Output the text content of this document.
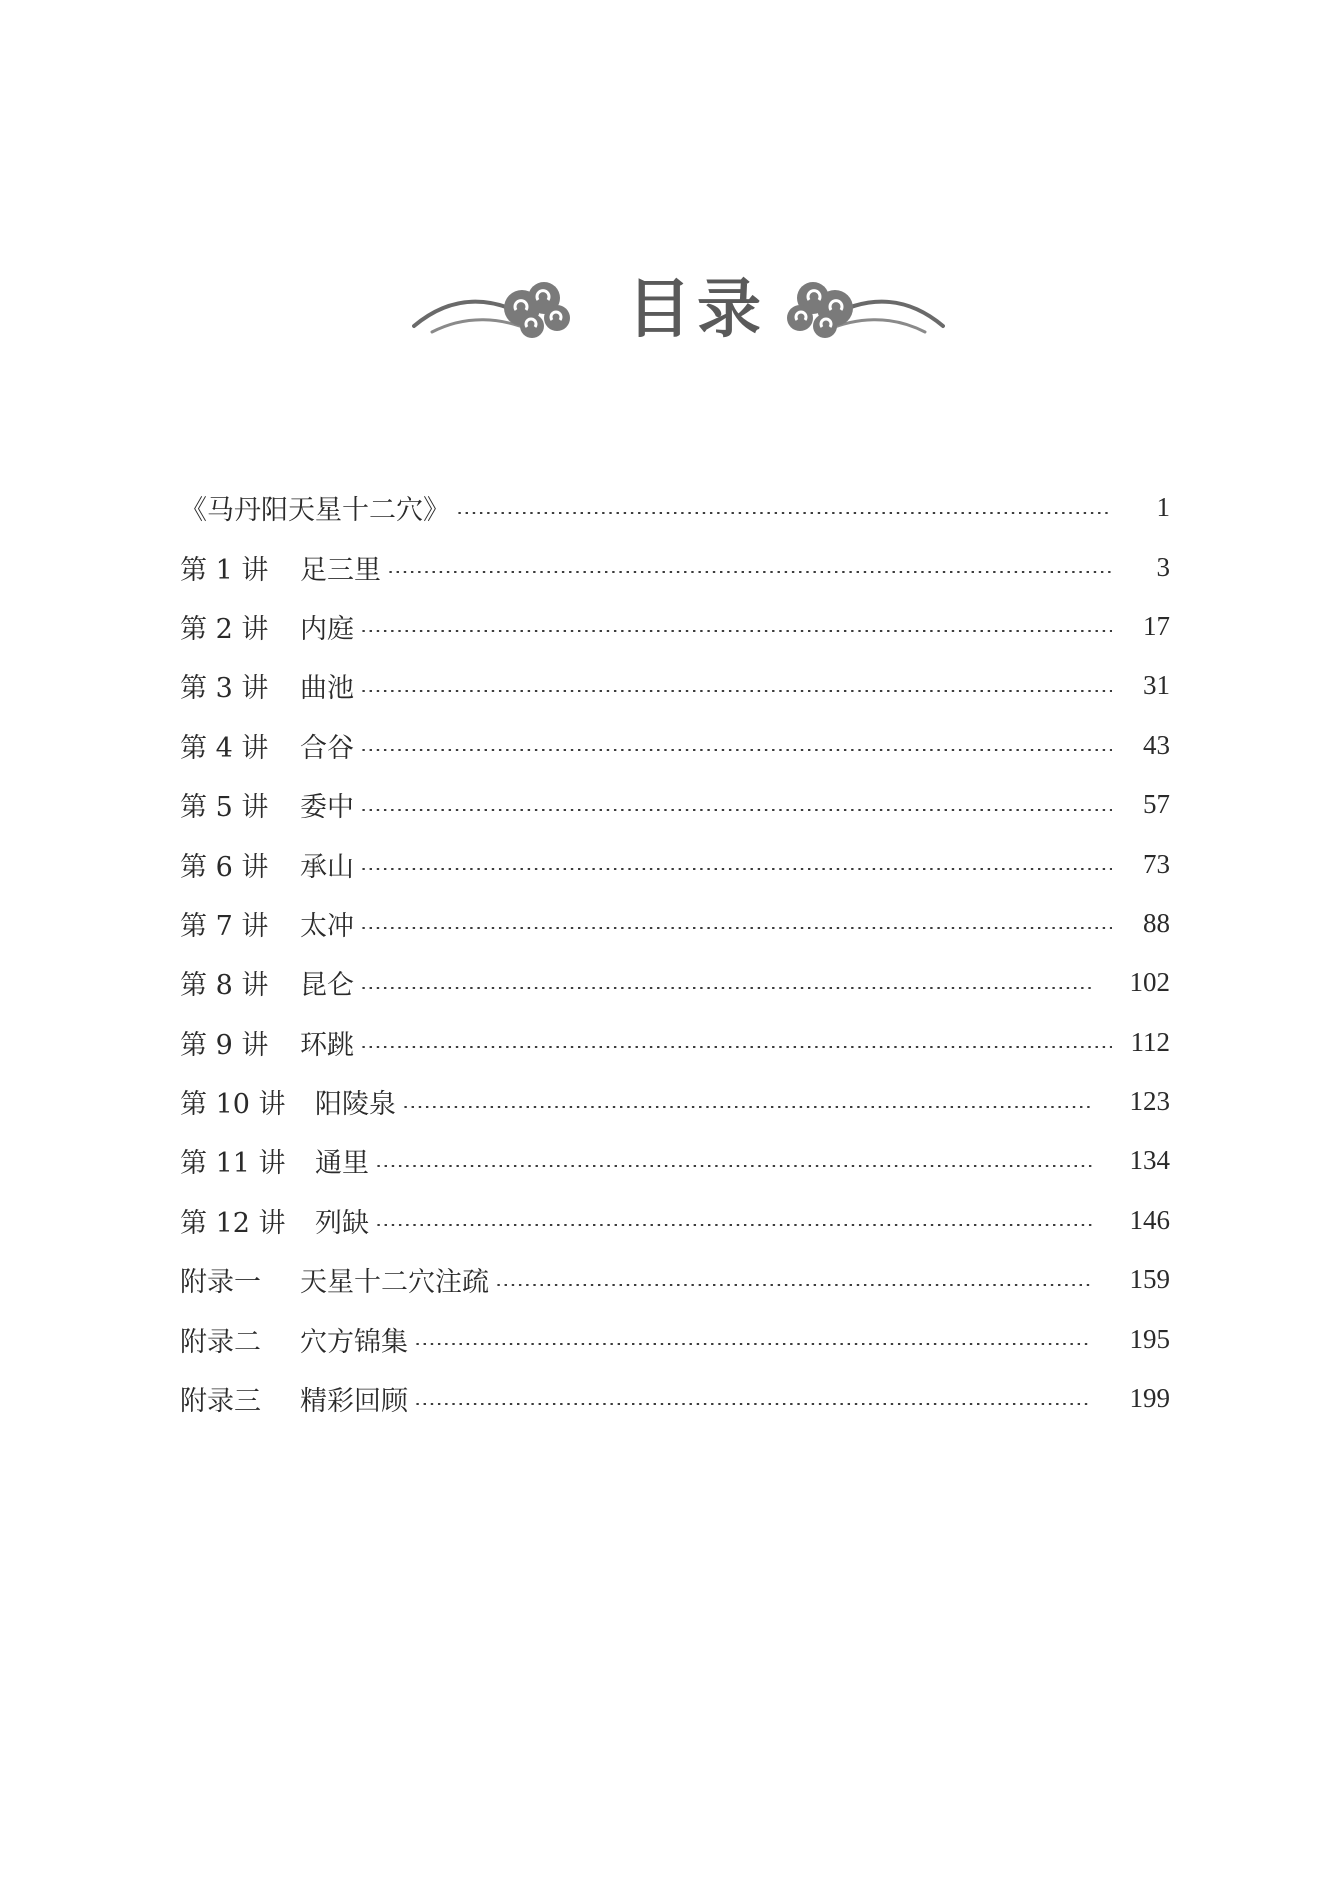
目录
《马丹阳天星十二穴》	1
第 1 讲	足三里	3
第 2 讲	内庭	17
第 3 讲	曲池	31
第 4 讲	合谷	43
第 5 讲	委中	57
第 6 讲	承山	73
第 7 讲	太冲	88
第 8 讲	昆仑	102
第 9 讲	环跳	112
第 10 讲	阳陵泉	123
第 11 讲	通里	134
第 12 讲	列缺	146
附录一	天星十二穴注疏	159
附录二	穴方锦集	195
附录三	精彩回顾	199
